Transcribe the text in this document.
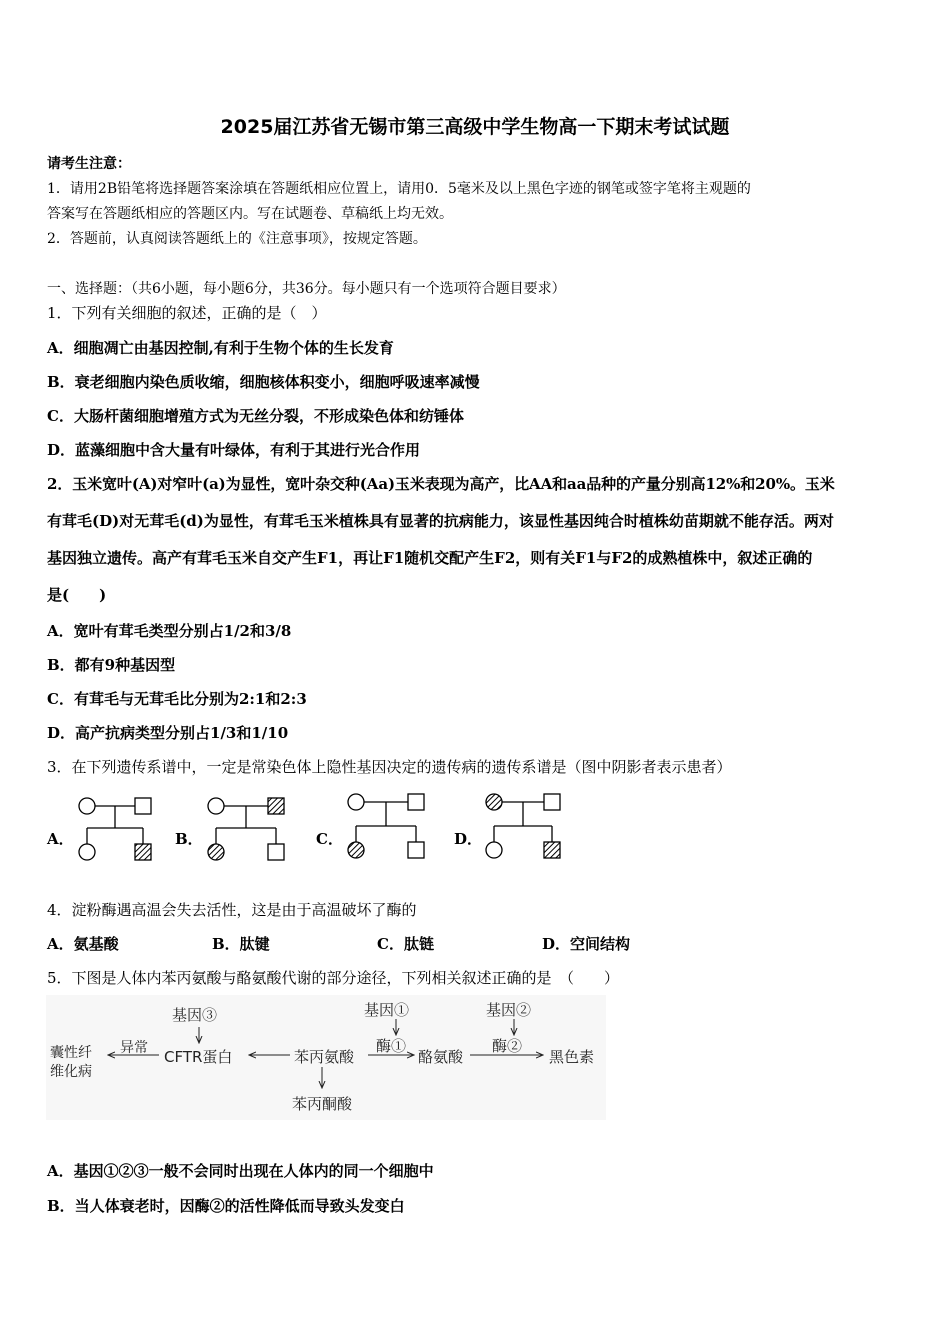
2025届江苏省无锡市第三高级中学生物高一下期末考试试题
请考生注意：
1．请用2B铅笔将选择题答案涂填在答题纸相应位置上，请用0．5毫米及以上黑色字迹的钢笔或签字笔将主观题的
答案写在答题纸相应的答题区内。写在试题卷、草稿纸上均无效。
2．答题前，认真阅读答题纸上的《注意事项》，按规定答题。
一、选择题：（共6小题，每小题6分，共36分。每小题只有一个选项符合题目要求）
1．下列有关细胞的叙述，正确的是（　）
A．细胞凋亡由基因控制,有利于生物个体的生长发育
B．衰老细胞内染色质收缩，细胞核体积变小，细胞呼吸速率减慢
C．大肠杆菌细胞增殖方式为无丝分裂，不形成染色体和纺锤体
D．蓝藻细胞中含大量有叶绿体，有利于其进行光合作用
2．玉米宽叶(A)对窄叶(a)为显性，宽叶杂交种(Aa)玉米表现为高产，比AA和aa品种的产量分别高12%和20%。玉米
有茸毛(D)对无茸毛(d)为显性，有茸毛玉米植株具有显著的抗病能力，该显性基因纯合时植株幼苗期就不能存活。两对
基因独立遗传。高产有茸毛玉米自交产生F1，再让F1随机交配产生F2，则有关F1与F2的成熟植株中，叙述正确的
是(　　)
A．宽叶有茸毛类型分别占1/2和3/8
B．都有9种基因型
C．有茸毛与无茸毛比分别为2:1和2:3
D．高产抗病类型分别占1/3和1/10
3．在下列遗传系谱中，一定是常染色体上隐性基因决定的遗传病的遗传系谱是（图中阴影者表示患者）
A．	B．	C．	D．
4．淀粉酶遇高温会失去活性，这是由于高温破坏了酶的
A．氨基酸	B．肽键	C．肽链	D．空间结构
5．下图是人体内苯丙氨酸与酪氨酸代谢的部分途径，下列相关叙述正确的是　（　　）
基因③	基因①	基因②
囊性纤
维化病
异常 CFTR蛋白	苯丙氨酸
酶①
酪氨酸
酶②
黑色素
苯丙酮酸
A．基因①②③一般不会同时出现在人体内的同一个细胞中
B．当人体衰老时，因酶②的活性降低而导致头发变白
